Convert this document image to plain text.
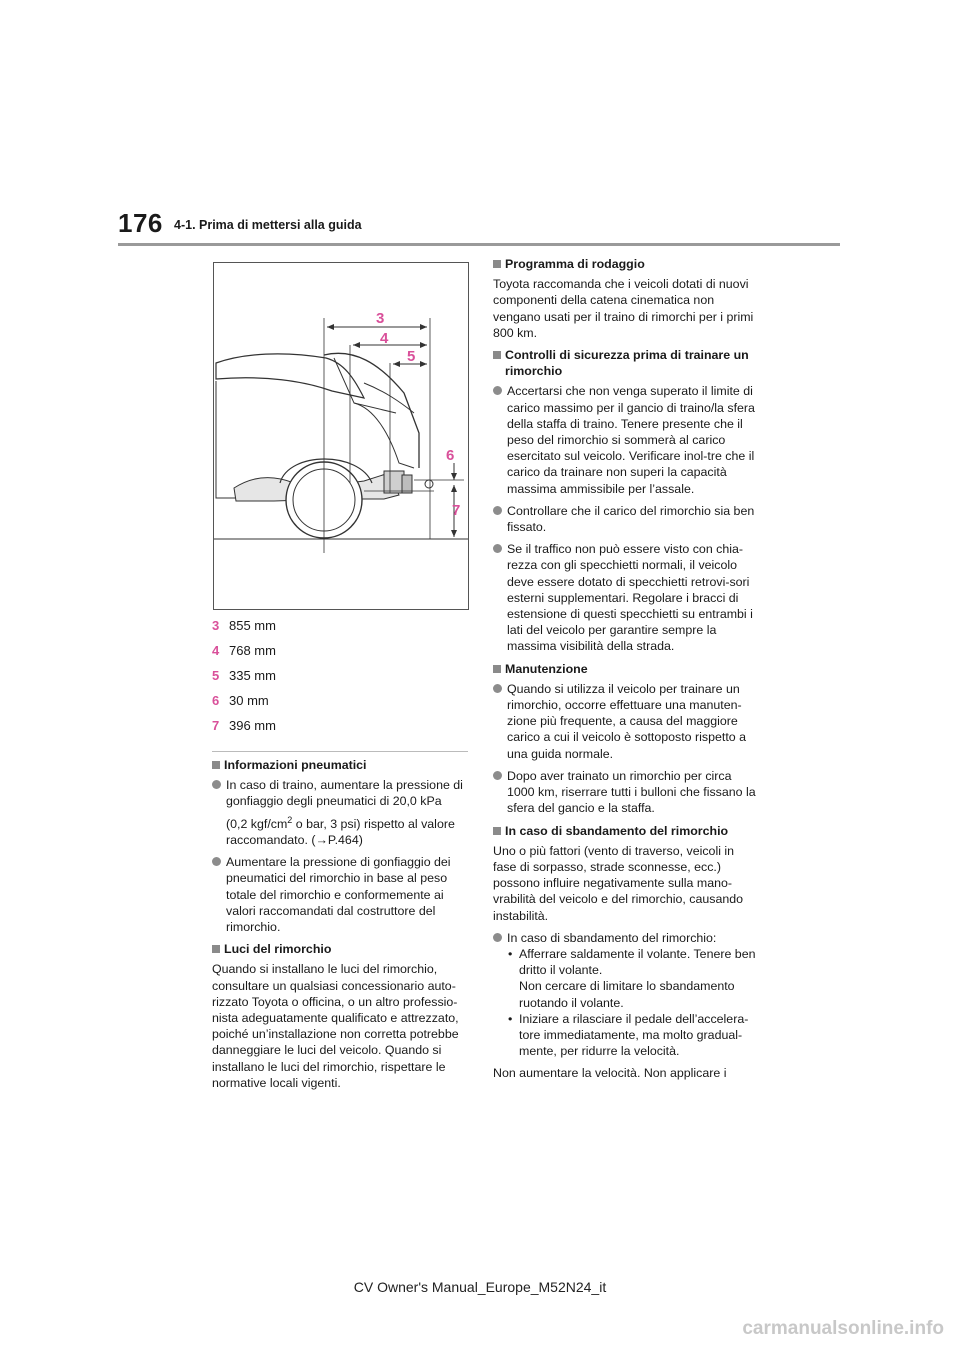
176 4-1. Prima di mettersi alla guida
3
4
5
6
7
3 855 mm
4 768 mm
5 335 mm
6 30 mm
7 396 mm
Informazioni pneumatici
In caso di traino, aumentare la pressione di gonfiaggio degli pneumatici di 20,0 kPa
(0,2 kgf/$cm^2$ o bar, 3 psi) rispetto al valore raccomandato. (→P.464)
Aumentare la pressione di gonfiaggio dei pneumatici del rimorchio in base al peso totale del rimorchio e conformemente ai valori raccomandati dal costruttore del rimorchio.
Luci del rimorchio
Quando si installano le luci del rimorchio, consultare un qualsiasi concessionario auto-rizzato Toyota o officina, o un altro professio-nista adeguatamente qualificato e attrezzato, poiché un’installazione non corretta potrebbe danneggiare le luci del veicolo. Quando si installano le luci del rimorchio, rispettare le normative locali vigenti.
Programma di rodaggio
Toyota raccomanda che i veicoli dotati di nuovi componenti della catena cinematica non vengano usati per il traino di rimorchi per i primi 800 km.
Controlli di sicurezza prima di trainare un rimorchio
Accertarsi che non venga superato il limite di carico massimo per il gancio di traino/la sfera della staffa di traino. Tenere presente che il peso del rimorchio si sommerà al carico esercitato sul veicolo. Verificare inol-tre che il carico da trainare non superi la capacità massima ammissibile per l’assale.
Controllare che il carico del rimorchio sia ben fissato.
Se il traffico non può essere visto con chia-rezza con gli specchietti normali, il veicolo deve essere dotato di specchietti retrovi-sori esterni supplementari. Regolare i bracci di estensione di questi specchietti su entrambi i lati del veicolo per garantire sempre la massima visibilità della strada.
Manutenzione
Quando si utilizza il veicolo per trainare un rimorchio, occorre effettuare una manuten-zione più frequente, a causa del maggiore carico a cui il veicolo è sottoposto rispetto a una guida normale.
Dopo aver trainato un rimorchio per circa 1000 km, riserrare tutti i bulloni che fissano la sfera del gancio e la staffa.
In caso di sbandamento del rimorchio
Uno o più fattori (vento di traverso, veicoli in fase di sorpasso, strade sconnesse, ecc.) possono influire negativamente sulla mano-vrabilità del veicolo e del rimorchio, causando instabilità.
In caso di sbandamento del rimorchio:
• Afferrare saldamente il volante. Tenere ben dritto il volante.
Non cercare di limitare lo sbandamento ruotando il volante.
• Iniziare a rilasciare il pedale dell’accelera-tore immediatamente, ma molto gradual-mente, per ridurre la velocità.
Non aumentare la velocità. Non applicare i
CV Owner's Manual_Europe_M52N24_it
carmanualsonline.info
